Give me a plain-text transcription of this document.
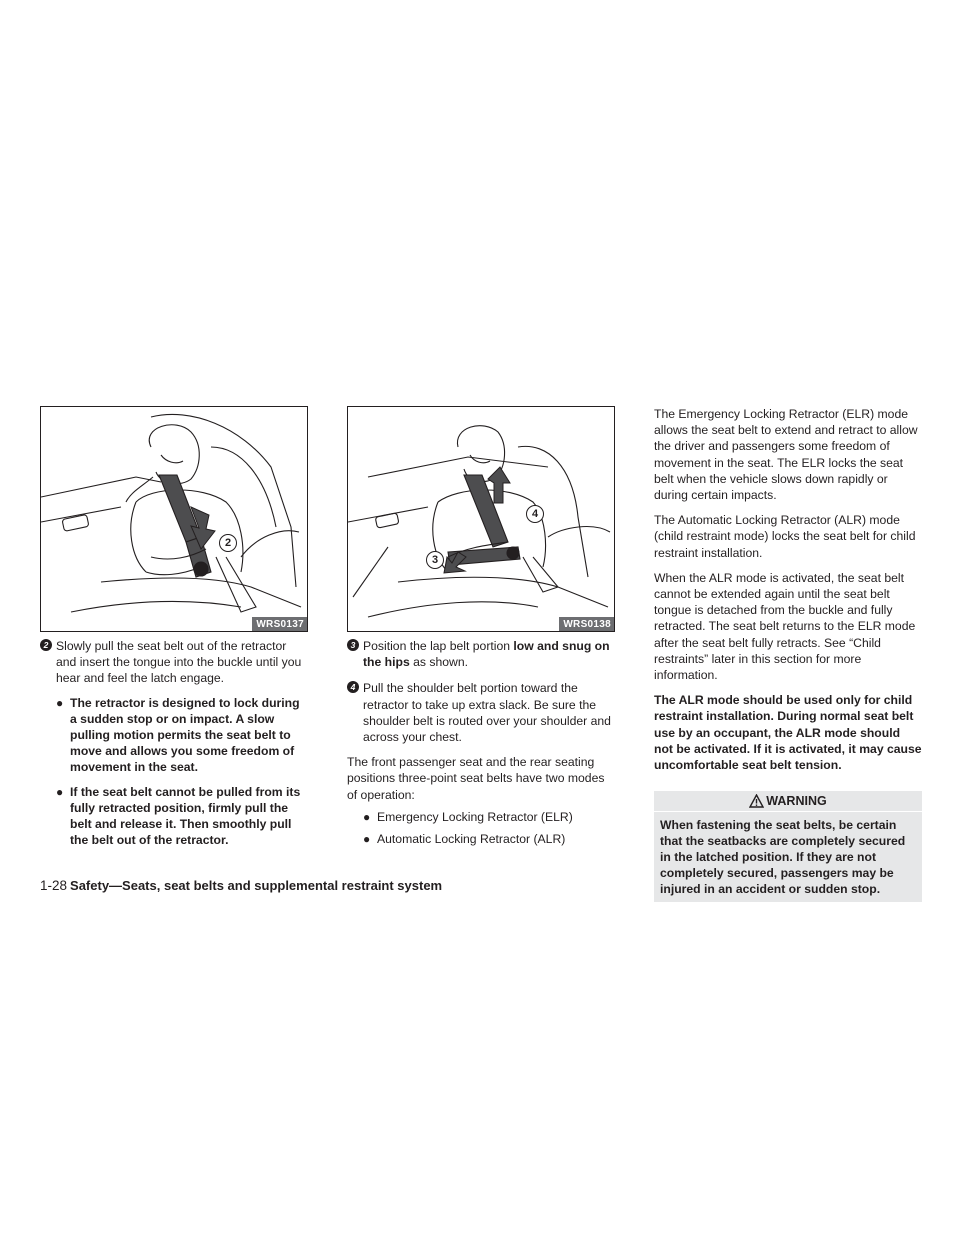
2
WRS0137

2 Slowly pull the seat belt out of the retractor and insert the tongue into the buckle until you hear and feel the latch engage.

● The retractor is designed to lock during a sudden stop or on impact. A slow pulling motion permits the seat belt to move and allows you some freedom of movement in the seat.

● If the seat belt cannot be pulled from its fully retracted position, firmly pull the belt and release it. Then smoothly pull the belt out of the retractor.

4
3
WRS0138

3 Position the lap belt portion low and snug on the hips as shown.

4 Pull the shoulder belt portion toward the retractor to take up extra slack. Be sure the shoulder belt is routed over your shoulder and across your chest.

The front passenger seat and the rear seating positions three-point seat belts have two modes of operation:

● Emergency Locking Retractor (ELR)

● Automatic Locking Retractor (ALR)

The Emergency Locking Retractor (ELR) mode allows the seat belt to extend and retract to allow the driver and passengers some freedom of movement in the seat. The ELR locks the seat belt when the vehicle slows down rapidly or during certain impacts.

The Automatic Locking Retractor (ALR) mode (child restraint mode) locks the seat belt for child restraint installation.

When the ALR mode is activated, the seat belt cannot be extended again until the seat belt tongue is detached from the buckle and fully retracted. The seat belt returns to the ELR mode after the seat belt fully retracts. See “Child restraints” later in this section for more information.

The ALR mode should be used only for child restraint installation. During normal seat belt use by an occupant, the ALR mode should not be activated. If it is activated, it may cause uncomfortable seat belt tension.

WARNING
When fastening the seat belts, be certain that the seatbacks are completely secured in the latched position. If they are not completely secured, passengers may be injured in an accident or sudden stop.
1-28 Safety—Seats, seat belts and supplemental restraint system
